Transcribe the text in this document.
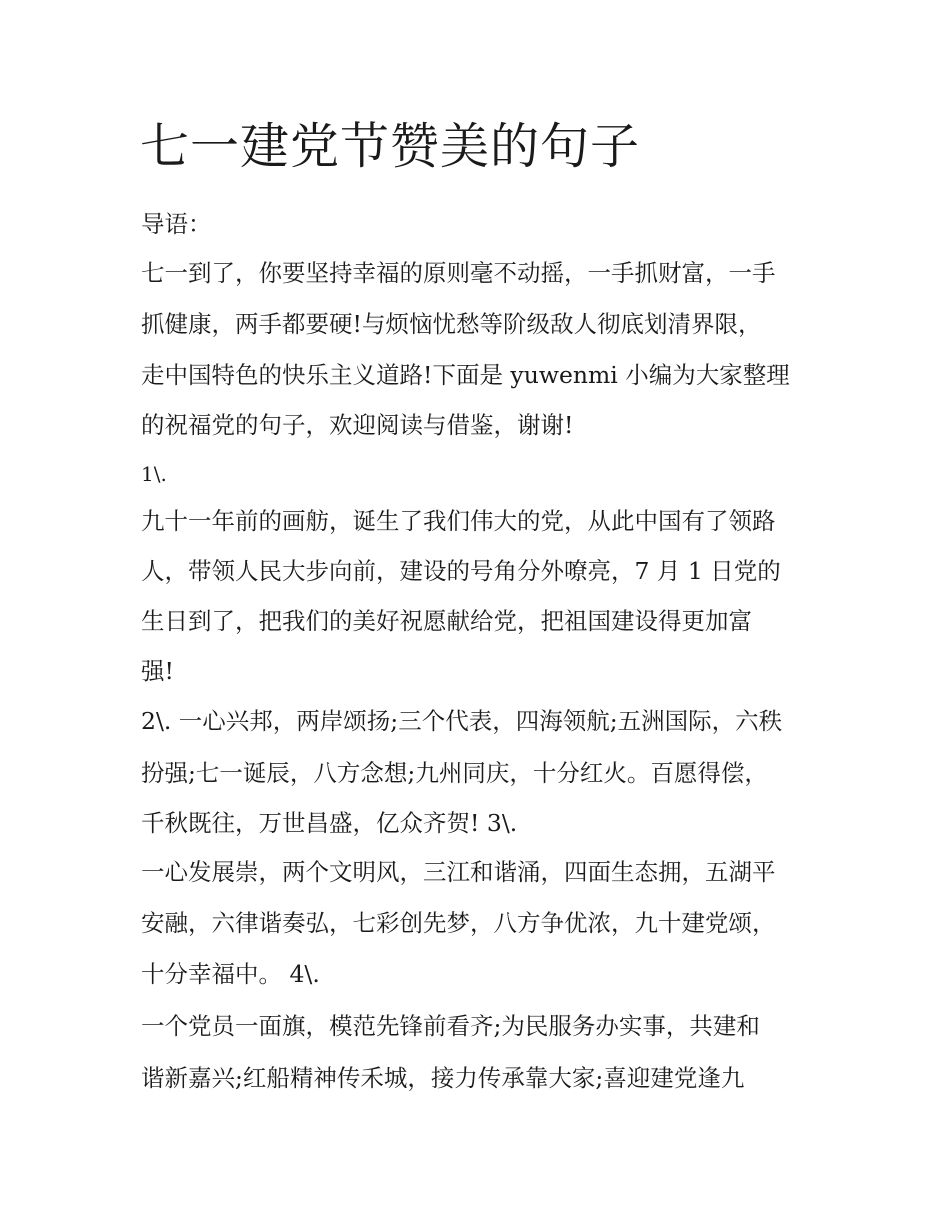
七一建党节赞美的句子

导语：

七一到了，你要坚持幸福的原则毫不动摇，一手抓财富，一手

抓健康，两手都要硬!与烦恼忧愁等阶级敌人彻底划清界限，

走中国特色的快乐主义道路!下面是 yuwenmi 小编为大家整理

的祝福党的句子，欢迎阅读与借鉴，谢谢!

1\.

九十一年前的画舫，诞生了我们伟大的党，从此中国有了领路

人，带领人民大步向前，建设的号角分外嘹亮，7 月 1 日党的

生日到了，把我们的美好祝愿献给党，把祖国建设得更加富

强!

2\. 一心兴邦，两岸颂扬;三个代表，四海领航;五洲国际，六秩

扮强;七一诞辰，八方念想;九州同庆，十分红火。百愿得偿，

千秋既往，万世昌盛，亿众齐贺! 3\.

一心发展崇，两个文明风，三江和谐涌，四面生态拥，五湖平

安融，六律谐奏弘，七彩创先梦，八方争优浓，九十建党颂，

十分幸福中。 4\.

一个党员一面旗，模范先锋前看齐;为民服务办实事，共建和

谐新嘉兴;红船精神传禾城，接力传承靠大家;喜迎建党逢九
